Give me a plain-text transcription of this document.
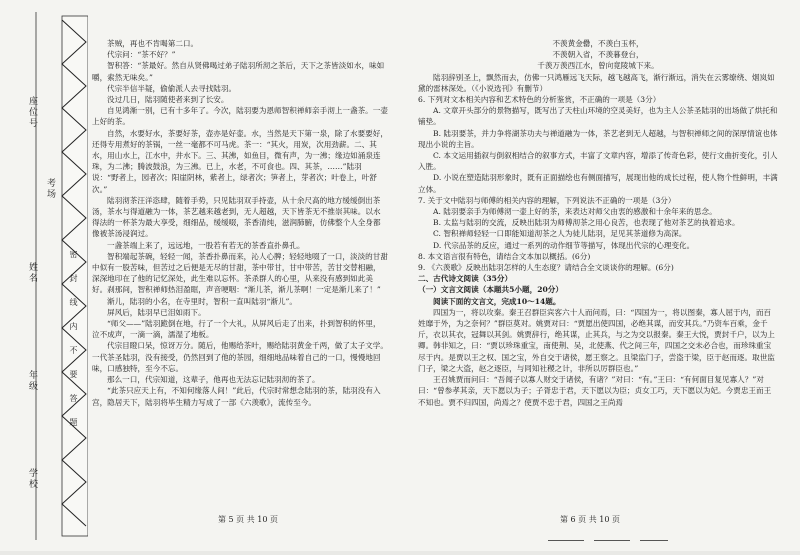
学校
年级
姓名
考场
座位号
密
封
线
内
不
要
答
题

茶贼，再也不肯喝第二口。

代宗问：“茶不好？”

智积答：“茶最好。然自从贤佛喝过弟子陆羽所沏之茶后，天下之茶皆淡如水，味如嚼，索然无味矣。”

代宗半信半疑，偷偷派人去寻找陆羽。

没过几日，陆羽随使者来到了长安。

自见鸿渐一别，已有十多年了。今次，陆羽要为恩师智积禅师亲手沏上一盏茶。一壶上好的茶。

自然，水要好水，茶要好茶，壶亦是好壶。水，当然是天下第一泉，除了水要要好，还得专用煮好的茶锅，一丝一毫都不可马虎。茶一：“其火，用炭，次用劲薪。二、其水，用山水上，江水中，井水下。三、其沸，如鱼目，微有声，为一沸；缘边如涌泉连珠，为二沸；腾波鼓浪，为三沸。已上，水老，不可食也。四、其茶，……”陆羽说：“野者上，园者次；阳崖阴林，紫者上，绿者次；笋者上，芽者次；叶卷上，叶舒次。”

陆羽沏茶汪洋恣肆，随着手势，只见陆羽双手持壶，从十余尺高的地方缓缓倒出茶汤，茶水与得道融为一体，茶艺越来越老到，无人超越，天下皆茶无不推崇其味。以水得法的一杯茶为最大享受，细细品，缓缓啜，茶香清纯，滋润肺腑，仿佛整个人全身都像被茶汤浸润过。

一盏茶端上来了，远远地，一股若有若无的茶香直扑鼻孔。

智积端起茶碗，轻轻一闻，茶香扑鼻而来，沁人心脾；轻轻地啜了一口，淡淡的甘甜中似有一股苦味，但苦过之后便是无尽的甘甜，茶中带甘，甘中带苦，苦甘交替相融，深深地印在了他的记忆深处，此生难以忘怀。茶杀群人的心里，从来没有感到如此美好。刹那间，智积禅师热泪盈眶，声音哽咽：“渐儿茶，渐儿茶啊！一定是渐儿来了！”

渐儿，陆羽的小名，在寺里时，智积一直叫陆羽“渐儿”。

屏风后，陆羽早已泪如雨下。

“师父——”陆羽跪倒在地，行了一个大礼，从屏风后走了出来，扑到智积的怀里，泣不成声，一滴一滴，濡湿了地板。

代宗目瞪口呆，惊讶万分。随后，他赐给茶叶，赐给陆羽黄金千两，做了太子文学。一代茶圣陆羽，没有接受，仍然回到了他的茶园，细细地品味着自己的一口，慢慢地回味，口感独特，至今不忘。

那么一口，代宗知道，这辈子，他再也无法忘记陆羽沏的茶了。

“此茶只应天上有，不知何缘落人间！”此后，代宗时常想念陆羽的茶，陆羽没有入宫，隐居天下，陆羽将毕生精力写成了一部《六羡歌》，流传至今。

第 5 页 共 10 页

不羡黄金罍，不羡白玉杯，

不羡朝入省，不羡暮登台，

千羡万羡西江水，曾向竟陵城下来。

陆羽辞别圣上，飘然而去，仿佛一只鸿雁远飞天际，越飞越高飞，渐行渐远，消失在云雾缭绕、烟岚如黛的雷林深处。（《小说选刊》有删节）

6. 下列对文本相关内容和艺术特色的分析鉴赏，不正确的一项是（3分）

A. 文章开头部分的景物描写，既写出了天柱山环境的空灵美好，也为主人公茶圣陆羽的出场做了烘托和铺垫。

B. 陆羽要茶，并力争将湖茶功夫与禅道融为一体，茶艺老到无人超越，与智积禅师之间的深厚情谊也体现出小说的主旨。

C. 本文运用插叙与倒叙相结合的叙事方式，丰富了文章内容，增添了传奇色彩，使行文曲折变化，引人入胜。

D. 小说在塑造陆羽形象时，既有正面描绘也有侧面描写，展现出他的成长过程，使人物个性鲜明，丰满立体。

7. 关于文中陆羽与师傅的相关内容的理解，下列说法不正确的一项是（3分）

A. 陆羽要亲手为师傅沏一壶上好的茶，来表达对师父由衷的感激和十余年来的思念。

B. 太监与陆羽的交流，反映出陆羽为师傅沏茶之用心良苦，也表现了他对茶艺的执着追求。

C. 智积禅师轻轻一口即能知道沏茶之人为徒儿陆羽，足见其茶道修为高深。

D. 代宗品茶的反应，通过一系列的动作细节等描写，体现出代宗的心理变化。

8. 本文语言很有特色，请结合文本加以概括。(6分)

9. 《六羡歌》反映出陆羽怎样的人生态度？请结合全文谈谈你的理解。(6分)

二、古代诗文阅读（35分）

（一）文言文阅读（本题共5小题，20分）

阅读下面的文言文，完成10～14题。

四国为一，将以攻秦。秦王召群臣宾客六十人而问焉，曰：“四国为一，将以图秦，寡人屈于内，而百姓靡于外，为之奈何？”群臣莫对。姚贾对曰：“贾愿出使四国，必绝其谋，而安其兵。”乃资车百乘，金千斤，衣以其衣，冠舞以其剑。姚贾辞行，绝其谋，止其兵，与之为交以报秦。秦王大悦，贾封千户，以为上卿。韩非知之，曰：“贾以珍珠重宝，南使荆、吴，北使燕、代之间三年，四国之交未必合也，而珍珠重宝尽于内。是贾以王之权、国之宝，外自交于诸侯，愿王察之。且梁监门子，尝盗于梁，臣于赵而逐。取世监门子，梁之大盗，赵之逐臣，与同知社稷之计，非所以厉群臣也。”

王召姚贾而问曰：“吾闻子以寡人财交于诸侯，有诸？”对曰：“有。”王曰：“有何面目复见寡人？”对曰：“曾参孝其亲，天下愿以为子；子胥忠于君，天下愿以为臣；贞女工巧，天下愿以为妃。今贾忠王而王不知也。贾不归四国，尚焉之？使贾不忠于君，四国之王尚焉

第 6 页 共 10 页
